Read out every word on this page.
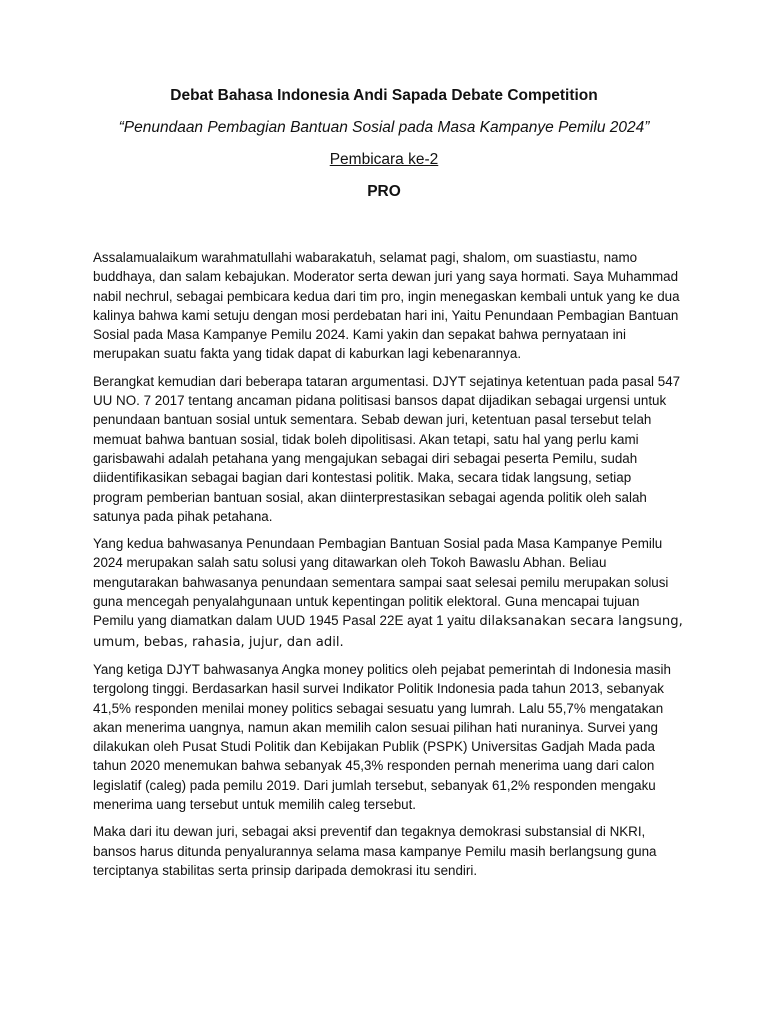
Debat Bahasa Indonesia Andi Sapada Debate Competition

“Penundaan Pembagian Bantuan Sosial pada Masa Kampanye Pemilu 2024”

Pembicara ke-2

PRO

Assalamualaikum warahmatullahi wabarakatuh, selamat pagi, shalom, om suastiastu, namo buddhaya, dan salam kebajukan. Moderator serta dewan juri yang saya hormati. Saya Muhammad nabil nechrul, sebagai pembicara kedua dari tim pro, ingin menegaskan kembali untuk yang ke dua kalinya bahwa kami setuju dengan mosi perdebatan hari ini, Yaitu Penundaan Pembagian Bantuan Sosial pada Masa Kampanye Pemilu 2024. Kami yakin dan sepakat bahwa pernyataan ini merupakan suatu fakta yang tidak dapat di kaburkan lagi kebenarannya.

Berangkat kemudian dari beberapa tataran argumentasi. DJYT sejatinya ketentuan pada pasal 547 UU NO. 7 2017 tentang ancaman pidana politisasi bansos dapat dijadikan sebagai urgensi untuk penundaan bantuan sosial untuk sementara. Sebab dewan juri, ketentuan pasal tersebut telah memuat bahwa bantuan sosial, tidak boleh dipolitisasi. Akan tetapi, satu hal yang perlu kami garisbawahi adalah petahana yang mengajukan sebagai diri sebagai peserta Pemilu, sudah diidentifikasikan sebagai bagian dari kontestasi politik. Maka, secara tidak langsung, setiap program pemberian bantuan sosial, akan diinterprestasikan sebagai agenda politik oleh salah satunya pada pihak petahana.

Yang kedua bahwasanya Penundaan Pembagian Bantuan Sosial pada Masa Kampanye Pemilu 2024 merupakan salah satu solusi yang ditawarkan oleh Tokoh Bawaslu Abhan. Beliau mengutarakan bahwasanya penundaan sementara sampai saat selesai pemilu merupakan solusi guna mencegah penyalahgunaan untuk kepentingan politik elektoral. Guna mencapai tujuan Pemilu yang diamatkan dalam UUD 1945 Pasal 22E ayat 1 yaitu dilaksanakan secara langsung, umum, bebas, rahasia, jujur, dan adil.

Yang ketiga DJYT bahwasanya Angka money politics oleh pejabat pemerintah di Indonesia masih tergolong tinggi. Berdasarkan hasil survei Indikator Politik Indonesia pada tahun 2013, sebanyak 41,5% responden menilai money politics sebagai sesuatu yang lumrah. Lalu 55,7% mengatakan akan menerima uangnya, namun akan memilih calon sesuai pilihan hati nuraninya. Survei yang dilakukan oleh Pusat Studi Politik dan Kebijakan Publik (PSPK) Universitas Gadjah Mada pada tahun 2020 menemukan bahwa sebanyak 45,3% responden pernah menerima uang dari calon legislatif (caleg) pada pemilu 2019. Dari jumlah tersebut, sebanyak 61,2% responden mengaku menerima uang tersebut untuk memilih caleg tersebut.

Maka dari itu dewan juri, sebagai aksi preventif dan tegaknya demokrasi substansial di NKRI, bansos harus ditunda penyalurannya selama masa kampanye Pemilu masih berlangsung guna terciptanya stabilitas serta prinsip daripada demokrasi itu sendiri.
